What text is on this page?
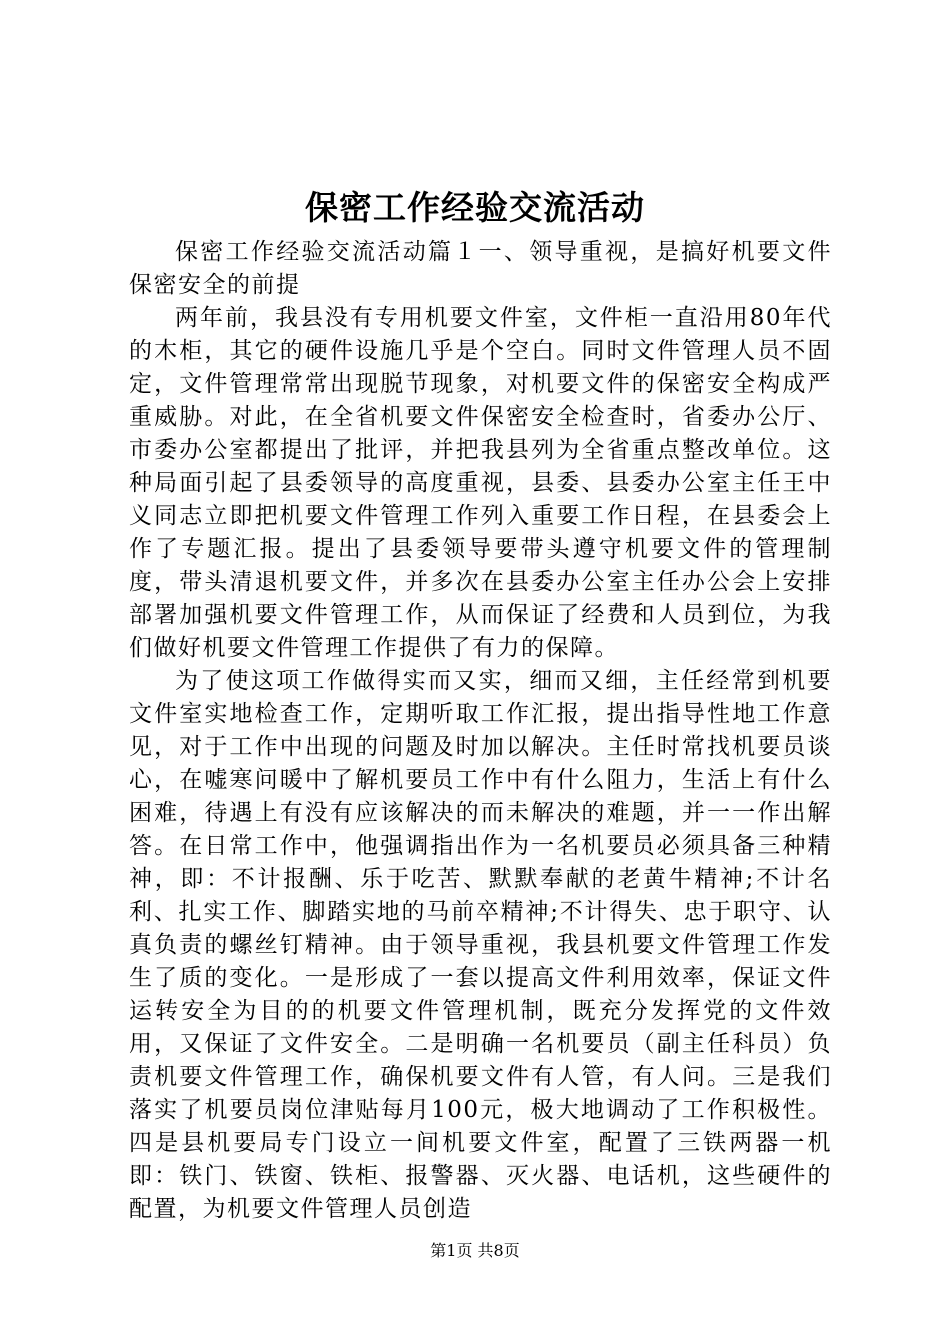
保密工作经验交流活动

保密工作经验交流活动篇１一、领导重视，是搞好机要文件保密安全的前提

两年前，我县没有专用机要文件室，文件柜一直沿用80年代的木柜，其它的硬件设施几乎是个空白。同时文件管理人员不固定，文件管理常常出现脱节现象，对机要文件的保密安全构成严重威胁。对此，在全省机要文件保密安全检查时，省委办公厅、市委办公室都提出了批评，并把我县列为全省重点整改单位。这种局面引起了县委领导的高度重视，县委、县委办公室主任王中义同志立即把机要文件管理工作列入重要工作日程，在县委会上作了专题汇报。提出了县委领导要带头遵守机要文件的管理制度，带头清退机要文件，并多次在县委办公室主任办公会上安排部署加强机要文件管理工作，从而保证了经费和人员到位，为我们做好机要文件管理工作提供了有力的保障。

为了使这项工作做得实而又实，细而又细，主任经常到机要文件室实地检查工作，定期听取工作汇报，提出指导性地工作意见，对于工作中出现的问题及时加以解决。主任时常找机要员谈心，在嘘寒问暖中了解机要员工作中有什么阻力，生活上有什么困难，待遇上有没有应该解决的而未解决的难题，并一一作出解答。在日常工作中，他强调指出作为一名机要员必须具备三种精神，即：不计报酬、乐于吃苦、默默奉献的老黄牛精神;不计名利、扎实工作、脚踏实地的马前卒精神;不计得失、忠于职守、认真负责的螺丝钉精神。由于领导重视，我县机要文件管理工作发生了质的变化。一是形成了一套以提高文件利用效率，保证文件运转安全为目的的机要文件管理机制，既充分发挥党的文件效用，又保证了文件安全。二是明确一名机要员（副主任科员）负责机要文件管理工作，确保机要文件有人管，有人问。三是我们落实了机要员岗位津贴每月100元，极大地调动了工作积极性。四是县机要局专门设立一间机要文件室，配置了三铁两器一机即：铁门、铁窗、铁柜、报警器、灭火器、电话机，这些硬件的配置，为机要文件管理人员创造

第1页 共8页
